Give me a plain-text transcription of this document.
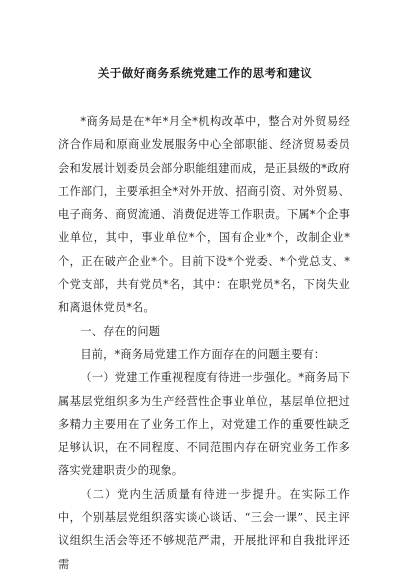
关于做好商务系统党建工作的思考和建议

*商务局是在*年*月全*机构改革中，整合对外贸易经济合作局和原商业发展服务中心全部职能、经济贸易委员会和发展计划委员会部分职能组建而成，是正县级的*政府工作部门，主要承担全*对外开放、招商引资、对外贸易、电子商务、商贸流通、消费促进等工作职责。下属*个企事业单位，其中，事业单位*个，国有企业*个，改制企业*个，正在破产企业*个。目前下设*个党委、*个党总支、*个党支部，共有党员*名，其中：在职党员*名，下岗失业和离退休党员*名。

一、存在的问题

目前，*商务局党建工作方面存在的问题主要有：

（一）党建工作重视程度有待进一步强化。*商务局下属基层党组织多为生产经营性企事业单位，基层单位把过多精力主要用在了业务工作上，对党建工作的重要性缺乏足够认识，在不同程度、不同范围内存在研究业务工作多落实党建职责少的现象。

（二）党内生活质量有待进一步提升。在实际工作中，个别基层党组织落实谈心谈话、“三会一课”、民主评议组织生活会等还不够规范严肃，开展批评和自我批评还需
